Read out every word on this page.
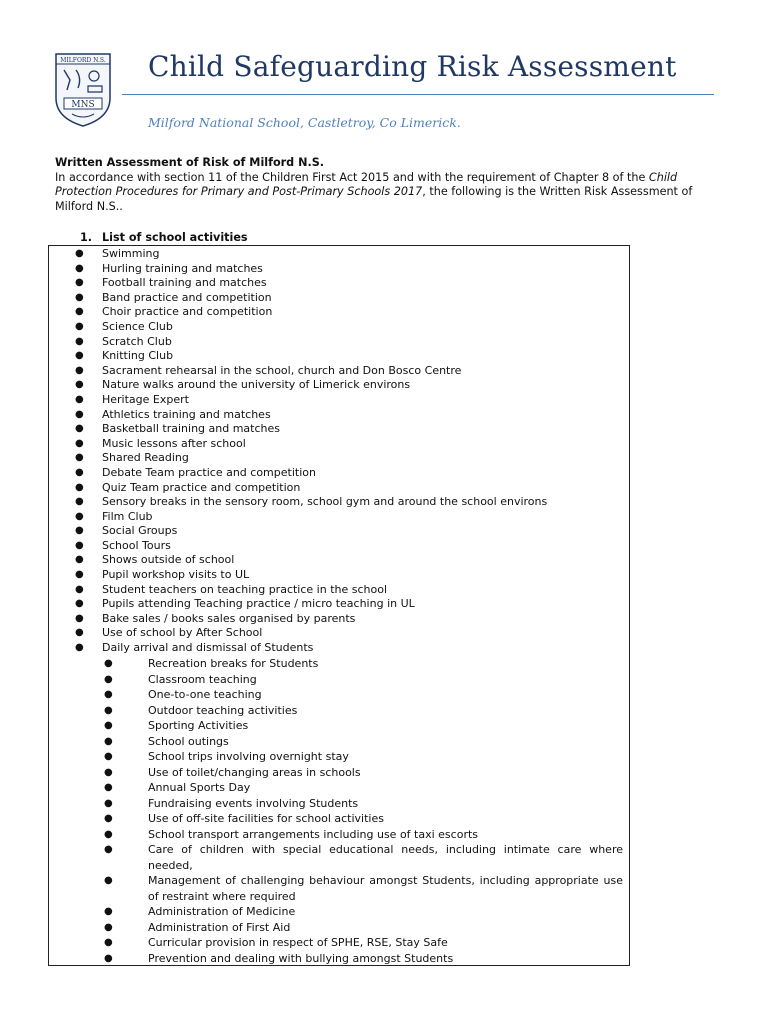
MILFORD N.S.
MNS
Child Safeguarding Risk Assessment
Milford National School, Castletroy, Co Limerick.
Written Assessment of Risk of Milford N.S.
In accordance with section 11 of the Children First Act 2015 and with the requirement of Chapter 8 of the Child Protection Procedures for Primary and Post-Primary Schools 2017, the following is the Written Risk Assessment of Milford N.S..
1. List of school activities
● Swimming
● Hurling training and matches
● Football training and matches
● Band practice and competition
● Choir practice and competition
● Science Club
● Scratch Club
● Knitting Club
● Sacrament rehearsal in the school, church and Don Bosco Centre
● Nature walks around the university of Limerick environs
● Heritage Expert
● Athletics training and matches
● Basketball training and matches
● Music lessons after school
● Shared Reading
● Debate Team practice and competition
● Quiz Team practice and competition
● Sensory breaks in the sensory room, school gym and around the school environs
● Film Club
● Social Groups
● School Tours
● Shows outside of school
● Pupil workshop visits to UL
● Student teachers on teaching practice in the school
● Pupils attending Teaching practice / micro teaching in UL
● Bake sales / books sales organised by parents
● Use of school by After School
● Daily arrival and dismissal of Students
●	Recreation breaks for Students
●	Classroom teaching
●	One-to-one teaching
●	Outdoor teaching activities
●	Sporting Activities
●	School outings
●	School trips involving overnight stay
●	Use of toilet/changing areas in schools
●	Annual Sports Day
●	Fundraising events involving Students
●	Use of off-site facilities for school activities
●	School transport arrangements including use of taxi escorts
●	Care of children with special educational needs, including intimate care where needed,
●	Management of challenging behaviour amongst Students, including appropriate use of restraint where required
●	Administration of Medicine
●	Administration of First Aid
●	Curricular provision in respect of SPHE, RSE, Stay Safe
●	Prevention and dealing with bullying amongst Students
